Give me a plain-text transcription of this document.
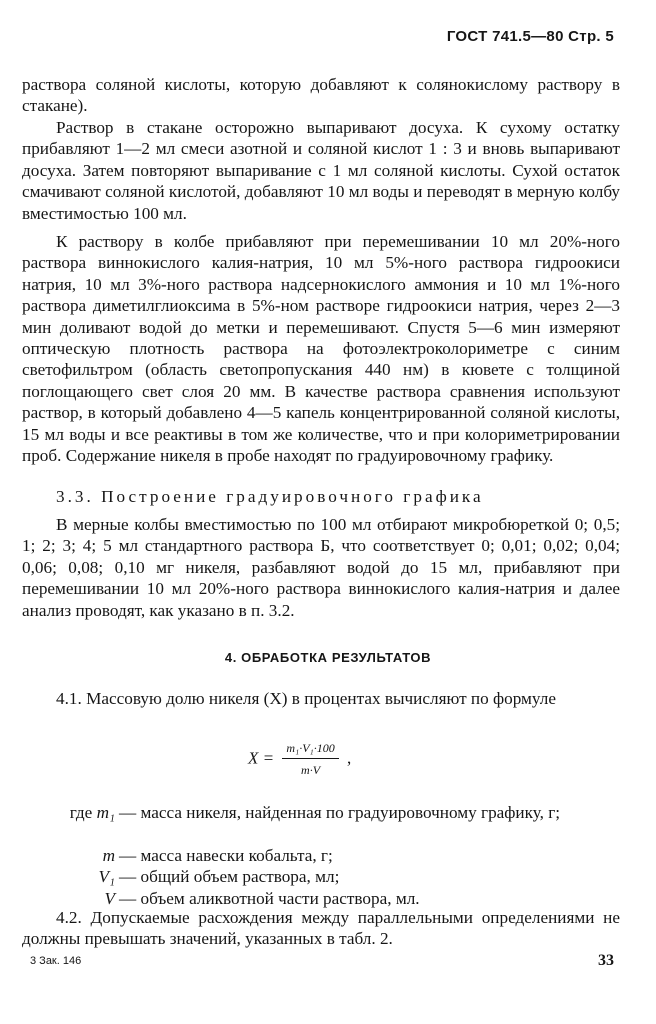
ГОСТ 741.5—80 Стр. 5

раствора соляной кислоты, которую добавляют к солянокислому раствору в стакане).

Раствор в стакане осторожно выпаривают досуха. К сухому остатку прибавляют 1—2 мл смеси азотной и соляной кислот 1 : 3 и вновь выпаривают досуха. Затем повторяют выпаривание с 1 мл соляной кислоты. Сухой остаток смачивают соляной кислотой, добавляют 10 мл воды и переводят в мерную колбу вместимостью 100 мл.

К раствору в колбе прибавляют при перемешивании 10 мл 20%-ного раствора виннокислого калия-натрия, 10 мл 5%-ного раствора гидроокиси натрия, 10 мл 3%-ного раствора надсернокислого аммония и 10 мл 1%-ного раствора диметилглиоксима в 5%-ном растворе гидроокиси натрия, через 2—3 мин доливают водой до метки и перемешивают. Спустя 5—6 мин измеряют оптическую плотность раствора на фотоэлектроколориметре с синим светофильтром (область светопропускания 440 нм) в кювете с толщиной поглощающего свет слоя 20 мм. В качестве раствора сравнения используют раствор, в который добавлено 4—5 капель концентрированной соляной кислоты, 15 мл воды и все реактивы в том же количестве, что и при колориметрировании проб. Содержание никеля в пробе находят по градуировочному графику.

3.3. Построение градуировочного графика

В мерные колбы вместимостью по 100 мл отбирают микробюреткой 0; 0,5; 1; 2; 3; 4; 5 мл стандартного раствора Б, что соответствует 0; 0,01; 0,02; 0,04; 0,06; 0,08; 0,10 мг никеля, разбавляют водой до 15 мл, прибавляют при перемешивании 10 мл 20%-ного раствора виннокислого калия-натрия и далее анализ проводят, как указано в п. 3.2.

4. ОБРАБОТКА РЕЗУЛЬТАТОВ

4.1. Массовую долю никеля (X) в процентах вычисляют по формуле

$X = \frac{\text{m₁·V₁·100}}{m\cdot V}$ ,
где m₁ — масса никеля, найденная по градуировочному графику, г;
m — масса навески кобальта, г;
V₁ — общий объем раствора, мл;
V — объем аликвотной части раствора, мл.

4.2. Допускаемые расхождения между параллельными определениями не должны превышать значений, указанных в табл. 2.

3 Зак. 146	33
